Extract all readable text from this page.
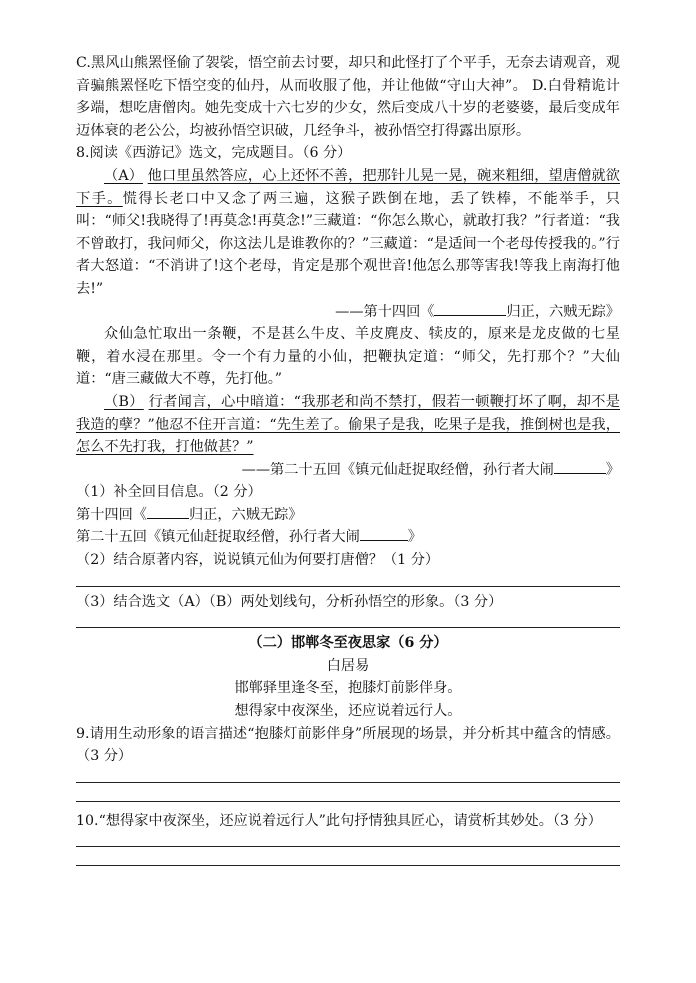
C.黑风山熊罴怪偷了袈裟，悟空前去讨要，却只和此怪打了个平手，无奈去请观音，观音骗熊罴怪吃下悟空变的仙丹，从而收服了他，并让他做“守山大神”。 D.白骨精诡计多端，想吃唐僧肉。她先变成十六七岁的少女，然后变成八十岁的老婆婆，最后变成年迈体衰的老公公，均被孙悟空识破，几经争斗，被孙悟空打得露出原形。

8.阅读《西游记》选文，完成题目。（6 分）

（A） 他口里虽然答应，心上还怀不善，把那针儿晃一晃，碗来粗细，望唐僧就欲下手。慌得长老口中又念了两三遍，这猴子跌倒在地，丢了铁棒，不能举手，只叫：“师父!我晓得了!再莫念!再莫念!”三藏道：“你怎么欺心，就敢打我？”行者道：“我不曾敢打，我问师父，你这法儿是谁教你的？”三藏道：“是适间一个老母传授我的。”行者大怒道：“不消讲了!这个老母，肯定是那个观世音!他怎么那等害我!等我上南海打他去!”

——第十四回《	归正，六贼无踪》

众仙急忙取出一条鞭，不是甚么牛皮、羊皮麂皮、犊皮的，原来是龙皮做的七星鞭，着水浸在那里。令一个有力量的小仙，把鞭执定道：“师父，先打那个？”大仙道：“唐三藏做大不尊，先打他。”

（B） 行者闻言，心中暗道：“我那老和尚不禁打，假若一顿鞭打坏了啊，却不是我造的孽？”他忍不住开言道：“先生差了。偷果子是我，吃果子是我，推倒树也是我，怎么不先打我，打他做甚？”

——第二十五回《镇元仙赶捉取经僧，孙行者大闹	》

（1）补全回目信息。（2 分）

第十四回《	归正，六贼无踪》

第二十五回《镇元仙赶捉取经僧，孙行者大闹	》

（2）结合原著内容，说说镇元仙为何要打唐僧？（1 分）

（3）结合选文（A）（B）两处划线句，分析孙悟空的形象。（3 分）

（二）邯郸冬至夜思家（6 分）

白居易

邯郸驿里逢冬至，抱膝灯前影伴身。

想得家中夜深坐，还应说着远行人。

9.请用生动形象的语言描述“抱膝灯前影伴身”所展现的场景，并分析其中蕴含的情感。（3 分）

10.“想得家中夜深坐，还应说着远行人”此句抒情独具匠心，请赏析其妙处。（3 分）
